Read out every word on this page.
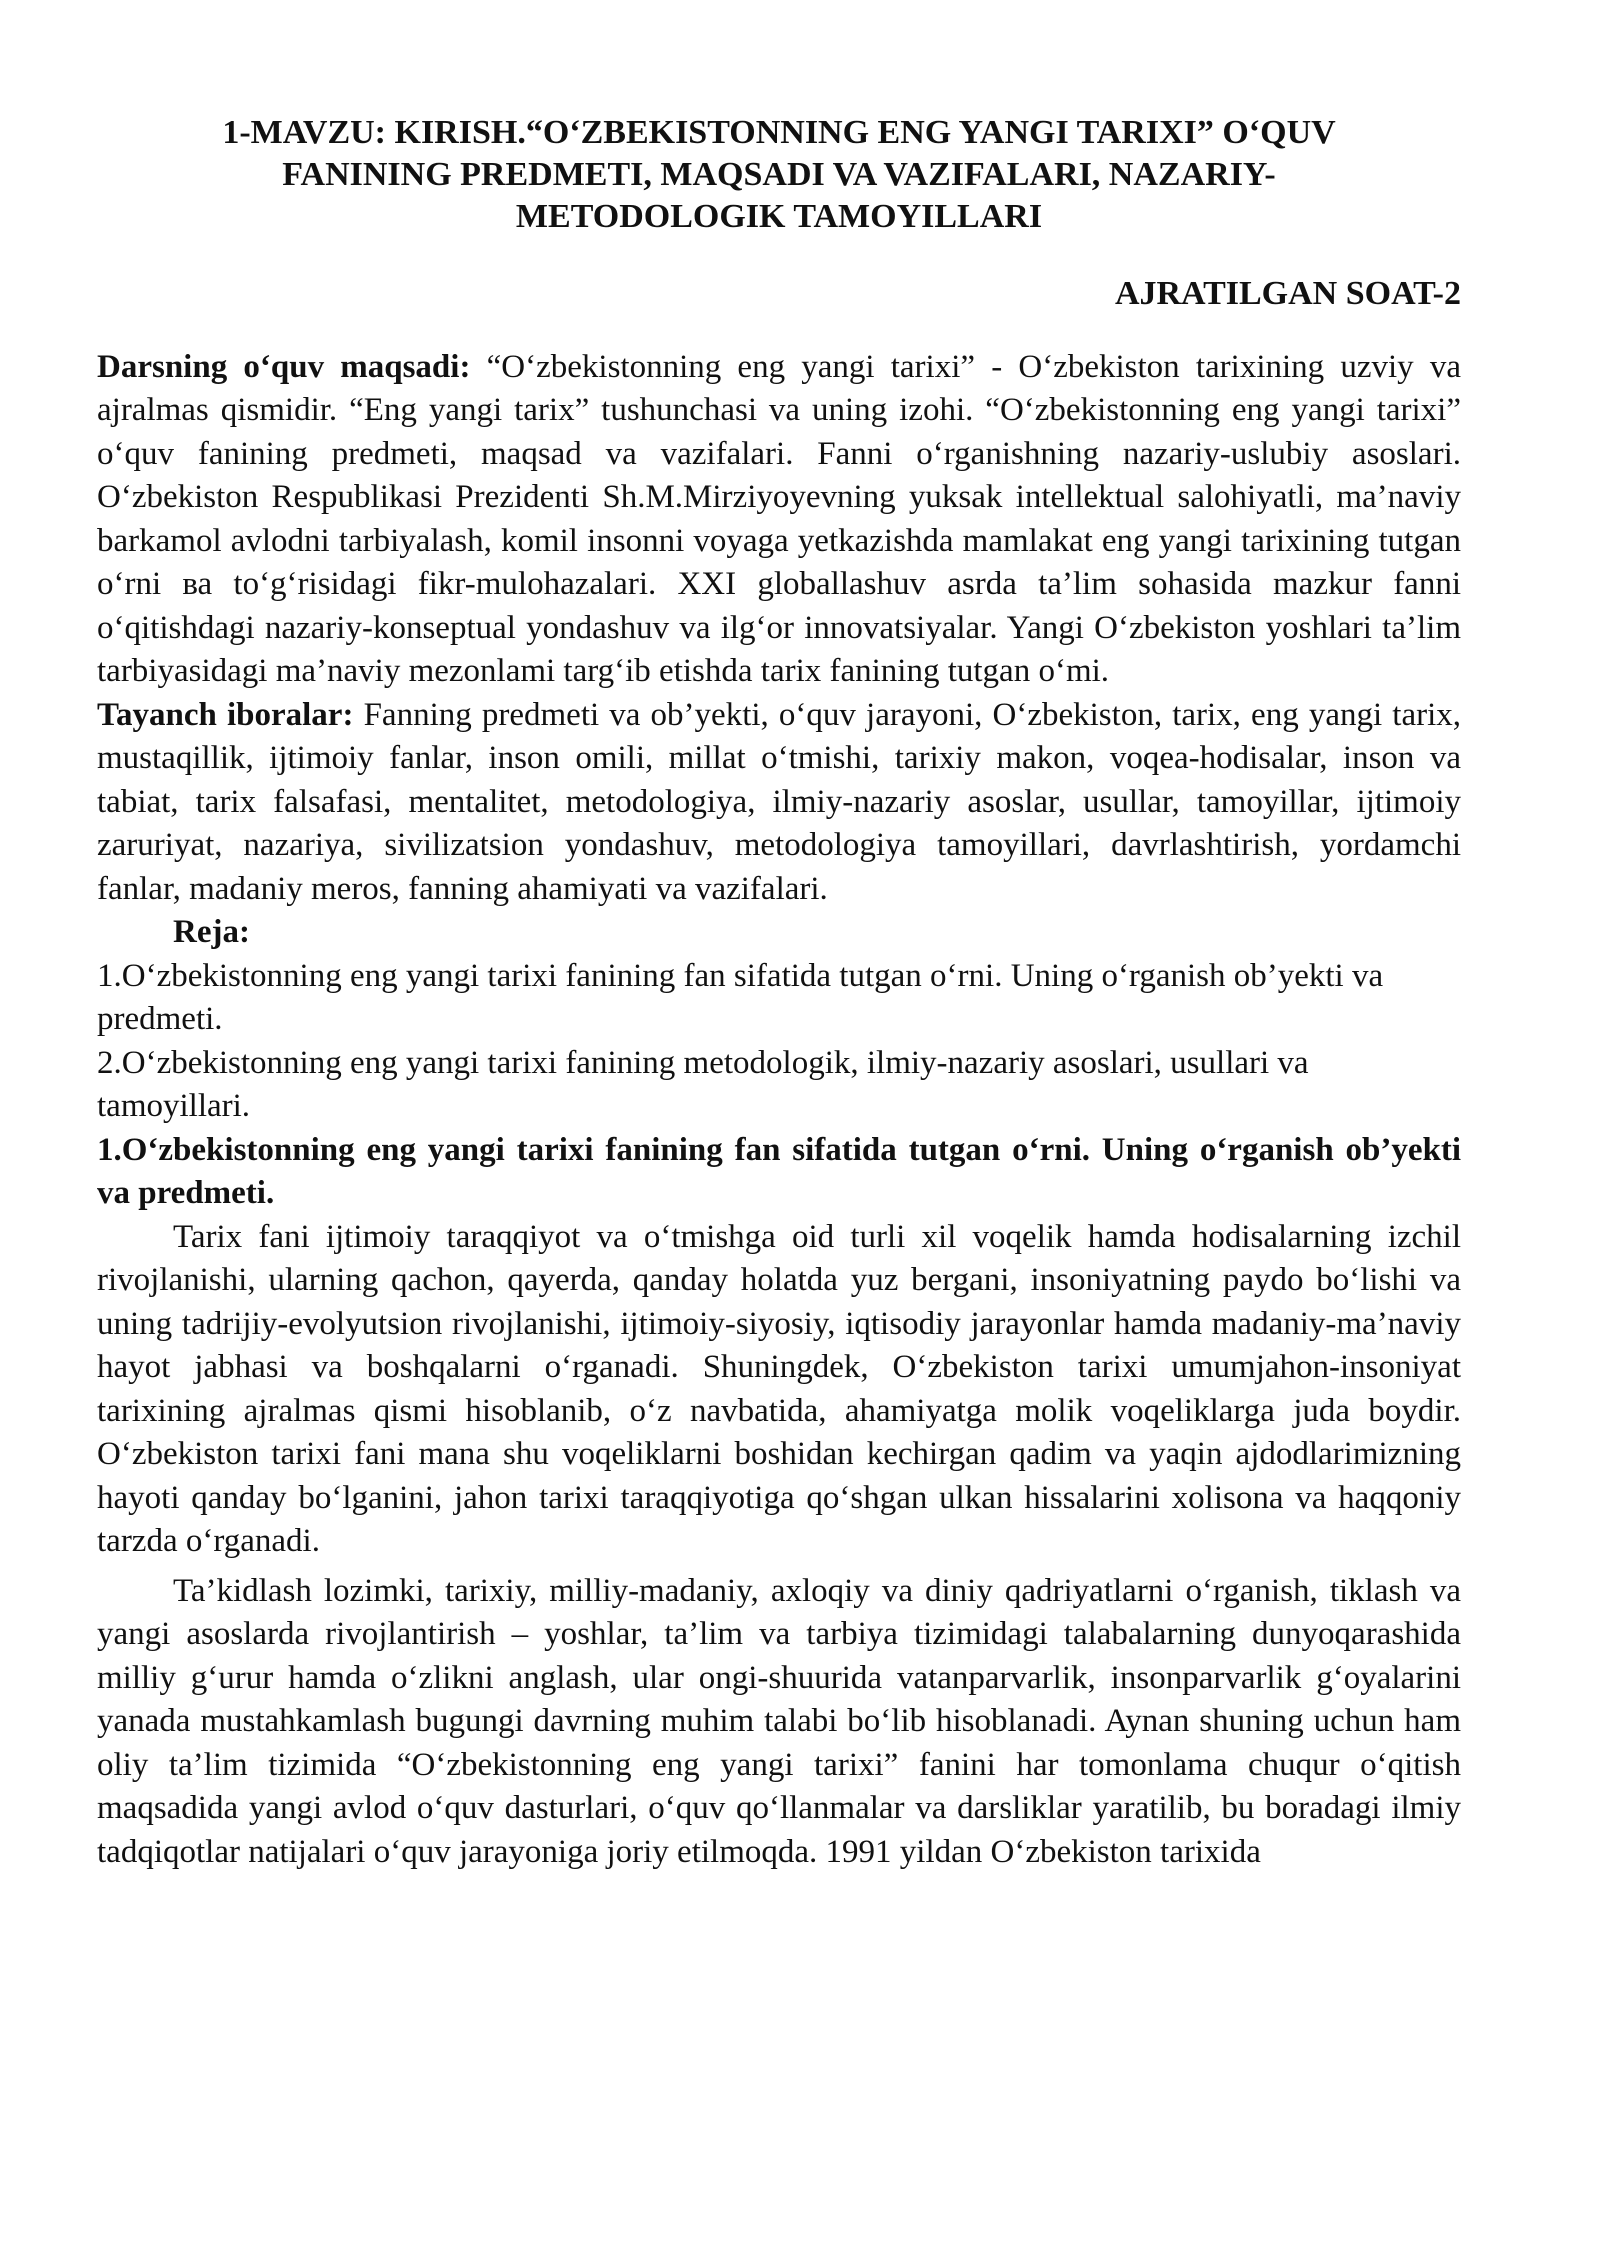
1-MAVZU: KIRISH.“O‘ZBEKISTONNING ENG YANGI TARIXI” O‘QUV FANINING PREDMETI, MAQSADI VA VAZIFALARI, NAZARIY-METODOLOGIK TAMOYILLARI
AJRATILGAN SOAT-2

Darsning o‘quv maqsadi: “O‘zbekistonning eng yangi tarixi” - O‘zbekiston tarixining uzviy va ajralmas qismidir. “Eng yangi tarix” tushunchasi va uning izohi. “O‘zbekistonning eng yangi tarixi” o‘quv fanining predmeti, maqsad va vazifalari. Fanni o‘rganishning nazariy-uslubiy asoslari. O‘zbekiston Respublikasi Prezidenti Sh.M.Mirziyoyevning yuksak intellektual salohiyatli, ma’naviy barkamol avlodni tarbiyalash, komil insonni voyaga yetkazishda mamlakat eng yangi tarixining tutgan o‘rni ва to‘g‘risidagi fikr-mulohazalari. XXI globallashuv asrda ta’lim sohasida mazkur fanni o‘qitishdagi nazariy-konseptual yondashuv va ilg‘or innovatsiyalar. Yangi O‘zbekiston yoshlari ta’lim tarbiyasidagi ma’naviy mezonlami targ‘ib etishda tarix fanining tutgan o‘mi.

Tayanch iboralar: Fanning predmeti va ob’yekti, o‘quv jarayoni, O‘zbekiston, tarix, eng yangi tarix, mustaqillik, ijtimoiy fanlar, inson omili, millat o‘tmishi, tarixiy makon, voqea-hodisalar, inson va tabiat, tarix falsafasi, mentalitet, metodologiya, ilmiy-nazariy asoslar, usullar, tamoyillar, ijtimoiy zaruriyat, nazariya, sivilizatsion yondashuv, metodologiya tamoyillari, davrlashtirish, yordamchi fanlar, madaniy meros, fanning ahamiyati va vazifalari.

Reja:

1.O‘zbekistonning eng yangi tarixi fanining fan sifatida tutgan o‘rni. Uning o‘rganish ob’yekti va predmeti.

2.O‘zbekistonning eng yangi tarixi fanining metodologik, ilmiy-nazariy asoslari, usullari va tamoyillari.

1.O‘zbekistonning eng yangi tarixi fanining fan sifatida tutgan o‘rni. Uning o‘rganish ob’yekti va predmeti.

Tarix fani ijtimoiy taraqqiyot va o‘tmishga oid turli xil voqelik hamda hodisalarning izchil rivojlanishi, ularning qachon, qayerda, qanday holatda yuz bergani, insoniyatning paydo bo‘lishi va uning tadrijiy-evolyutsion rivojlanishi, ijtimoiy-siyosiy, iqtisodiy jarayonlar hamda madaniy-ma’naviy hayot jabhasi va boshqalarni o‘rganadi. Shuningdek, O‘zbekiston tarixi umumjahon-insoniyat tarixining ajralmas qismi hisoblanib, o‘z navbatida, ahamiyatga molik voqeliklarga juda boydir. O‘zbekiston tarixi fani mana shu voqeliklarni boshidan kechirgan qadim va yaqin ajdodlarimizning hayoti qanday bo‘lganini, jahon tarixi taraqqiyotiga qo‘shgan ulkan hissalarini xolisona va haqqoniy tarzda o‘rganadi.

Ta’kidlash lozimki, tarixiy, milliy-madaniy, axloqiy va diniy qadriyatlarni o‘rganish, tiklash va yangi asoslarda rivojlantirish – yoshlar, ta’lim va tarbiya tizimidagi talabalarning dunyoqarashida milliy g‘urur hamda o‘zlikni anglash, ular ongi-shuurida vatanparvarlik, insonparvarlik g‘oyalarini yanada mustahkamlash bugungi davrning muhim talabi bo‘lib hisoblanadi. Aynan shuning uchun ham oliy ta’lim tizimida “O‘zbekistonning eng yangi tarixi” fanini har tomonlama chuqur o‘qitish maqsadida yangi avlod o‘quv dasturlari, o‘quv qo‘llanmalar va darsliklar yaratilib, bu boradagi ilmiy tadqiqotlar natijalari o‘quv jarayoniga joriy etilmoqda. 1991 yildan O‘zbekiston tarixida
